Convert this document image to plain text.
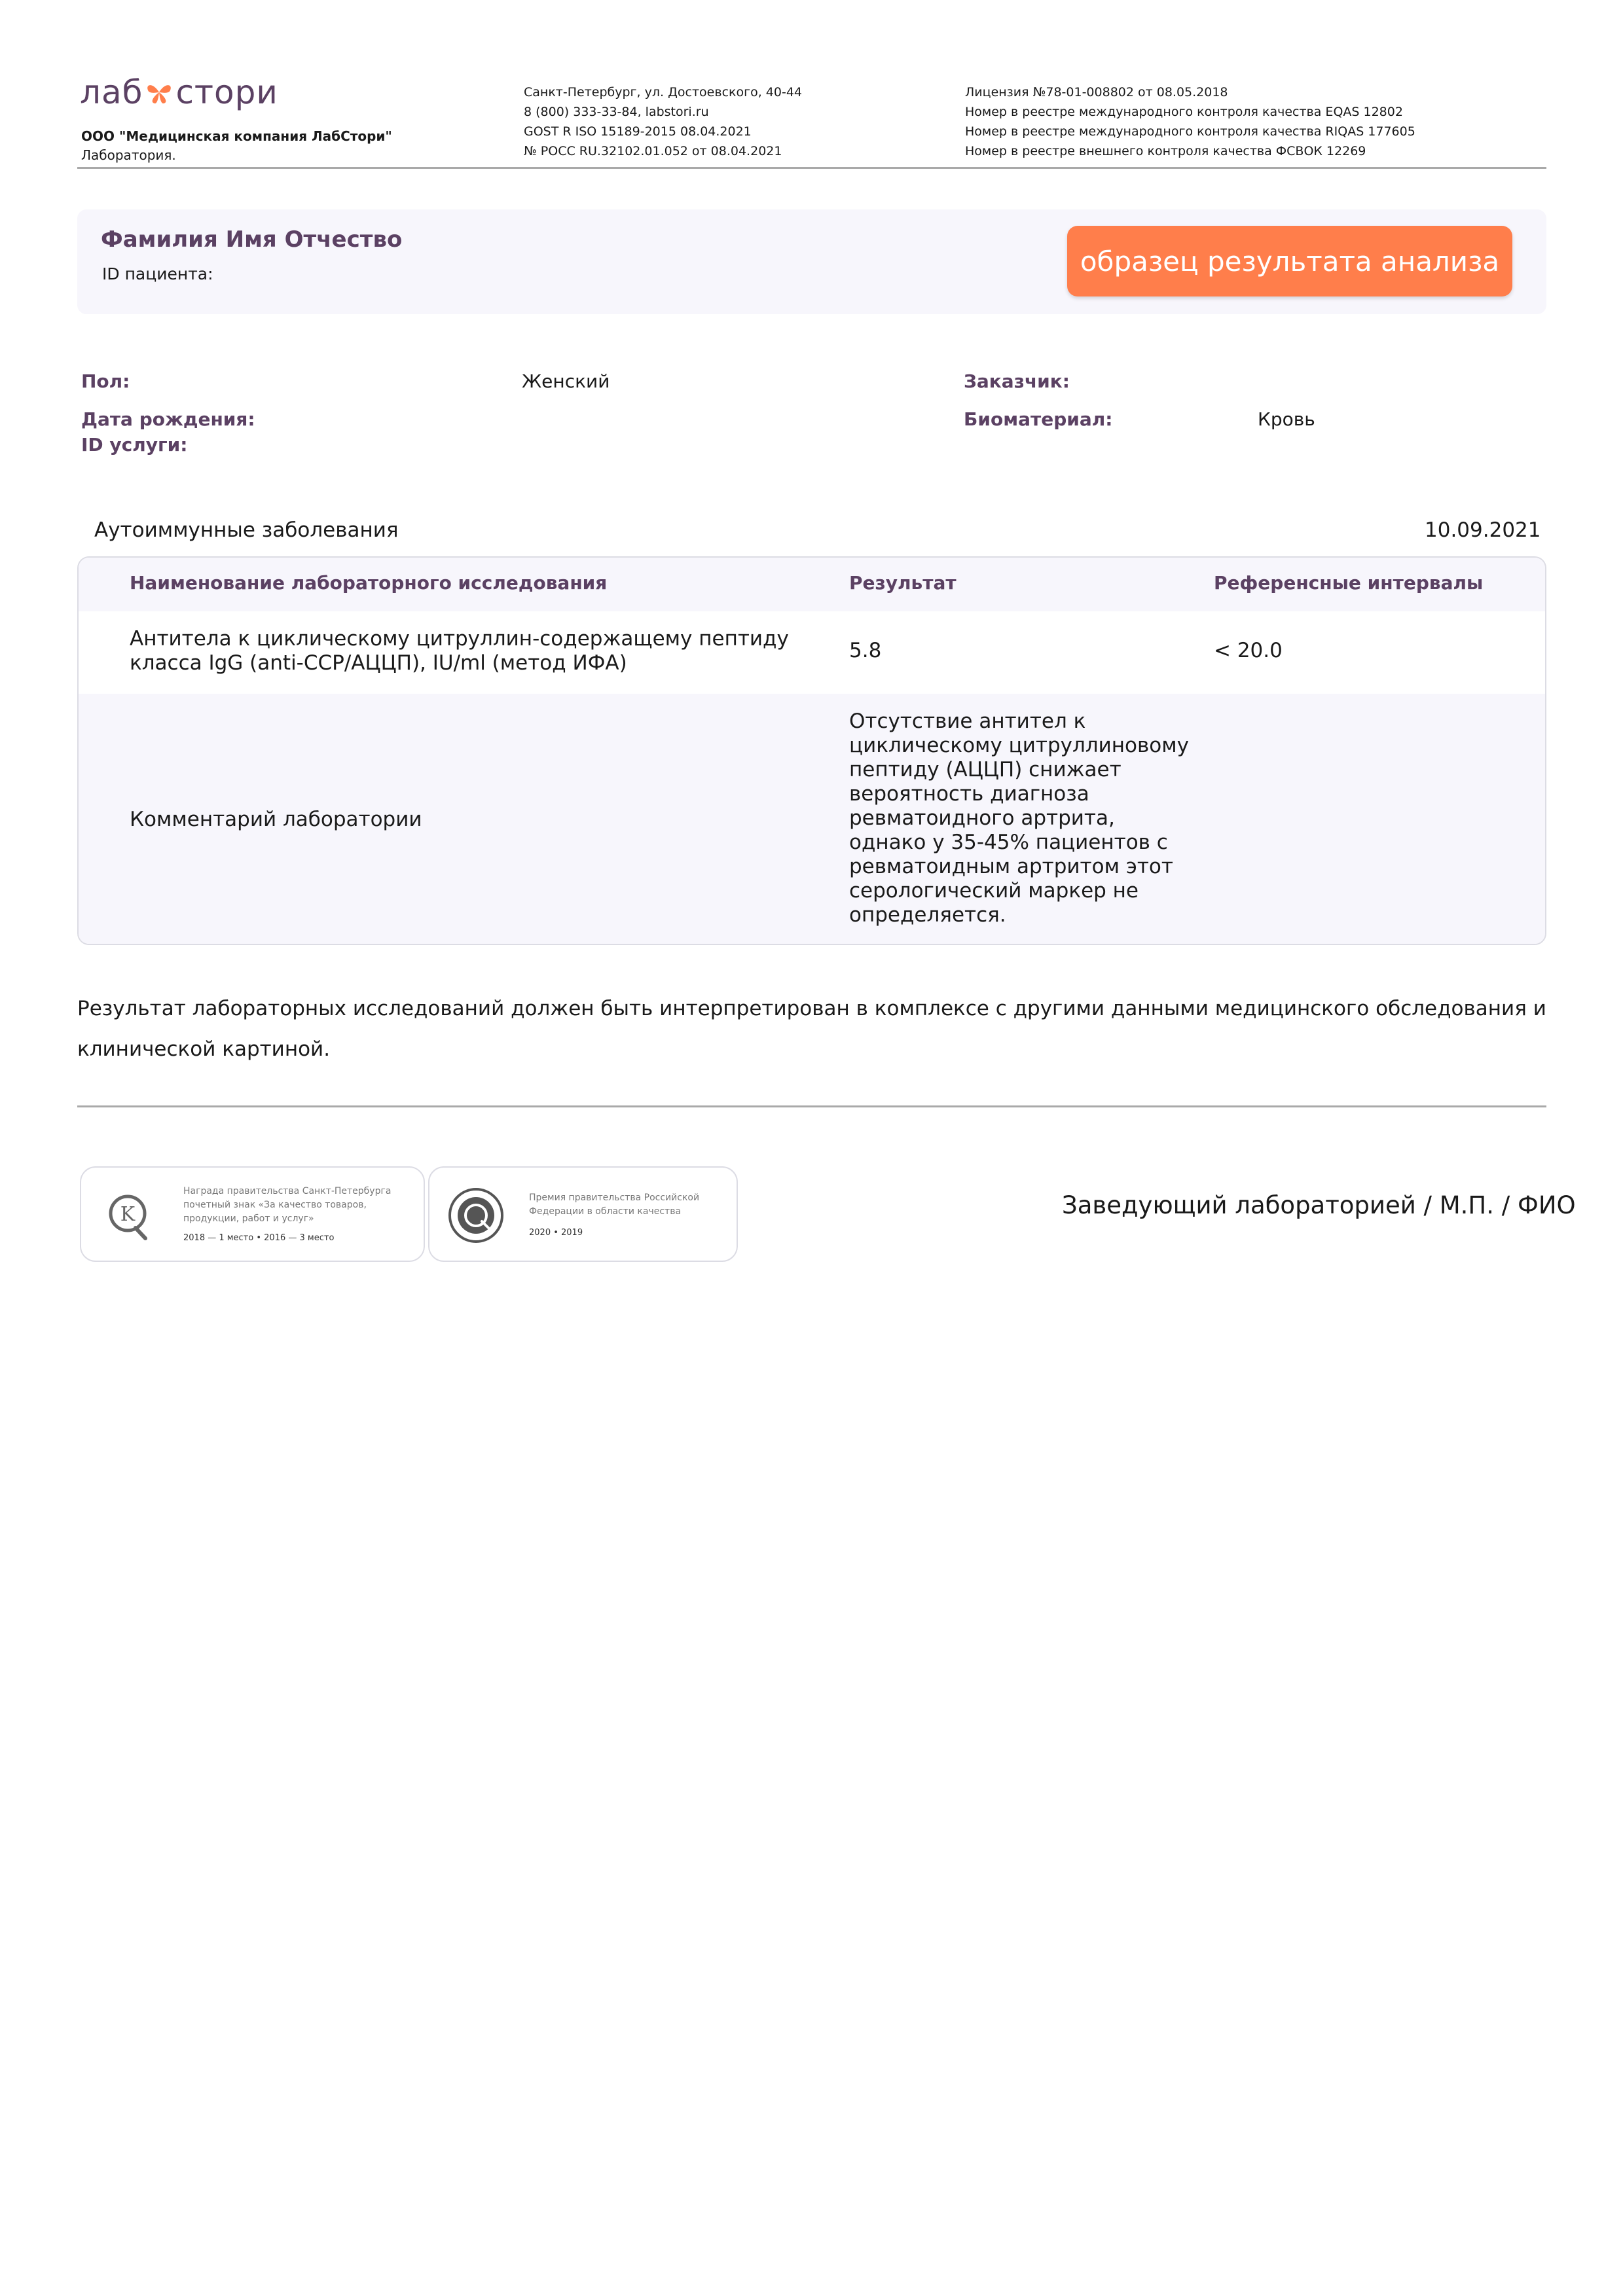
лаб стори
ООО "Медицинская компания ЛабСтори"
Лаборатория.
Санкт-Петербург, ул. Достоевского, 40-44
8 (800) 333-33-84, labstori.ru
GOST R ISO 15189-2015 08.04.2021
№ РОСС RU.32102.01.052 от 08.04.2021
Лицензия №78-01-008802 от 08.05.2018
Номер в реестре международного контроля качества EQAS 12802
Номер в реестре международного контроля качества RIQAS 177605
Номер в реестре внешнего контроля качества ФСВОК 12269
Фамилия Имя Отчество
ID пациента:	образец результата анализа
Пол:	Женский	Заказчик:
Дата рождения:	Биоматериал:	Кровь
ID услуги:
Аутоиммунные заболевания	10.09.2021
Наименование лабораторного исследования	Результат	Референсные интервалы
Антитела к циклическому цитруллин-содержащему пептиду
класса IgG (anti-CCP/АЦЦП), IU/ml (метод ИФА)
5.8	< 20.0
Комментарий лаборатории
Отсутствие антител к
циклическому цитруллиновому
пептиду (АЦЦП) снижает
вероятность диагноза
ревматоидного артрита,
однако у 35-45% пациентов с
ревматоидным артритом этот
серологический маркер не
определяется.
Результат лабораторных исследований должен быть интерпретирован в комплексе с другими данными медицинского обследования и клинической картиной.
K
Награда правительства Санкт-Петербурга
почетный знак «За качество товаров,
продукции, работ и услуг»
2018 — 1 место • 2016 — 3 место
Премия правительства Российской
Федерации в области качества
2020 • 2019
Заведующий лабораторией / М.П. / ФИО
